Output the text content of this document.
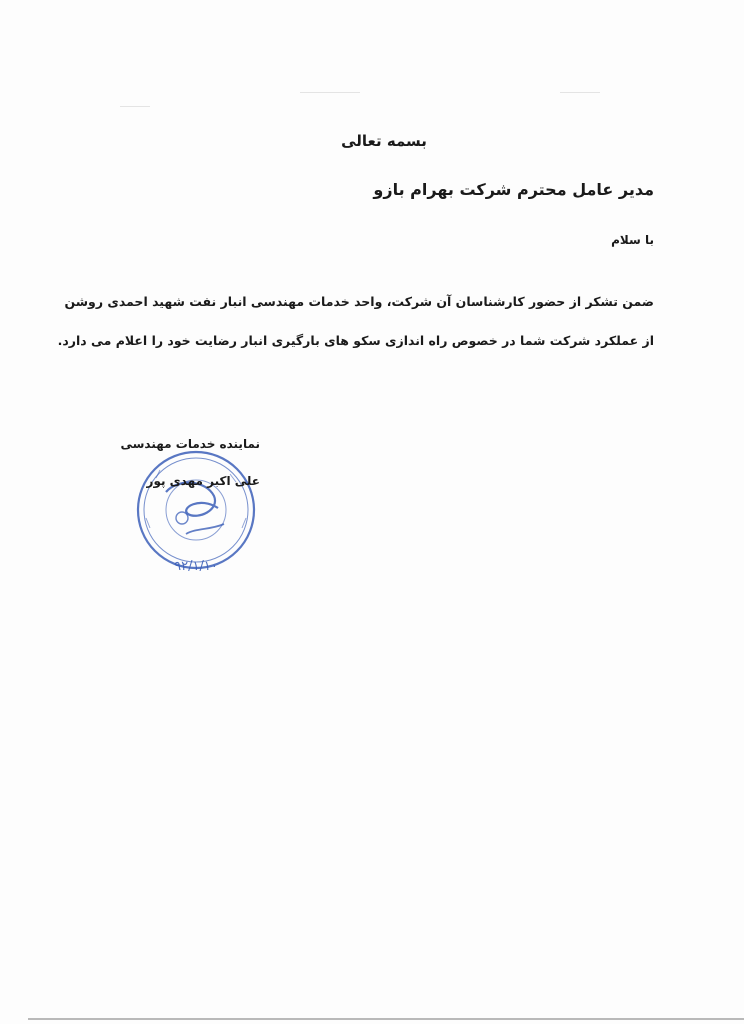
بسمه تعالی
مدیر عامل محترم شرکت بهرام بازو
با سلام

ضمن تشکر از حضور کارشناسان آن شرکت، واحد خدمات مهندسی انبار نفت شهید احمدی روشن

از عملکرد شرکت شما در خصوص راه اندازی سکو های بارگیری انبار رضایت خود را اعلام می دارد.

۹۲/۱/۱۰

نماینده خدمات مهندسی

علی اکبر مهدی پور
